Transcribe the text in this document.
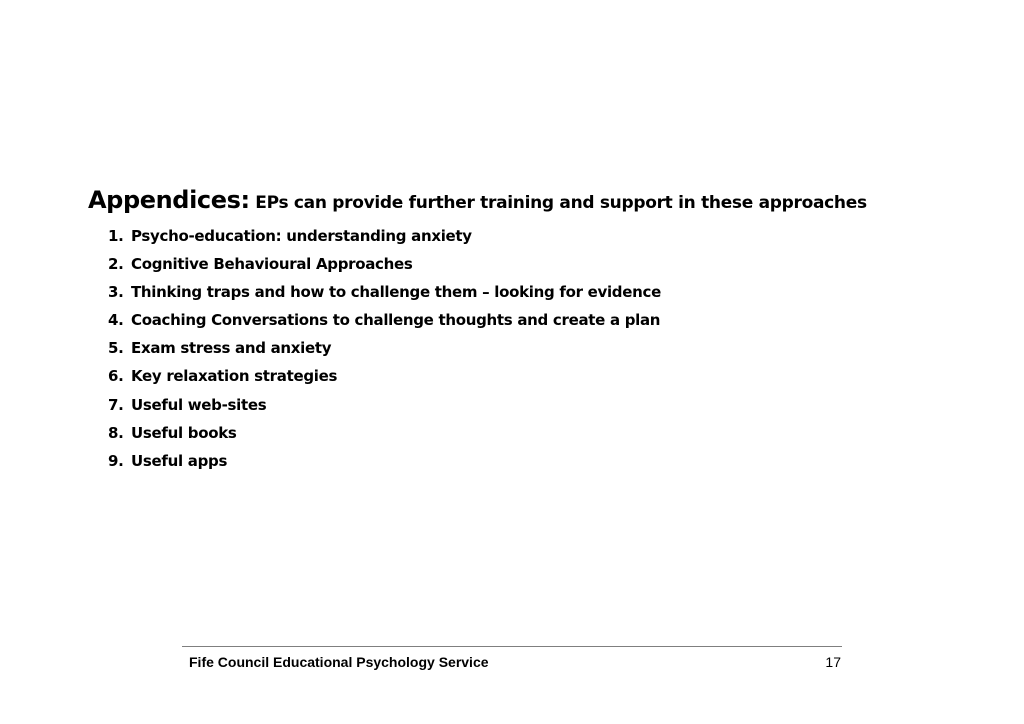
Appendices: EPs can provide further training and support in these approaches
1. Psycho-education: understanding anxiety
2. Cognitive Behavioural Approaches
3. Thinking traps and how to challenge them – looking for evidence
4. Coaching Conversations to challenge thoughts and create a plan
5. Exam stress and anxiety
6. Key relaxation strategies
7. Useful web-sites
8. Useful books
9. Useful apps
Fife Council Educational Psychology Service	17
